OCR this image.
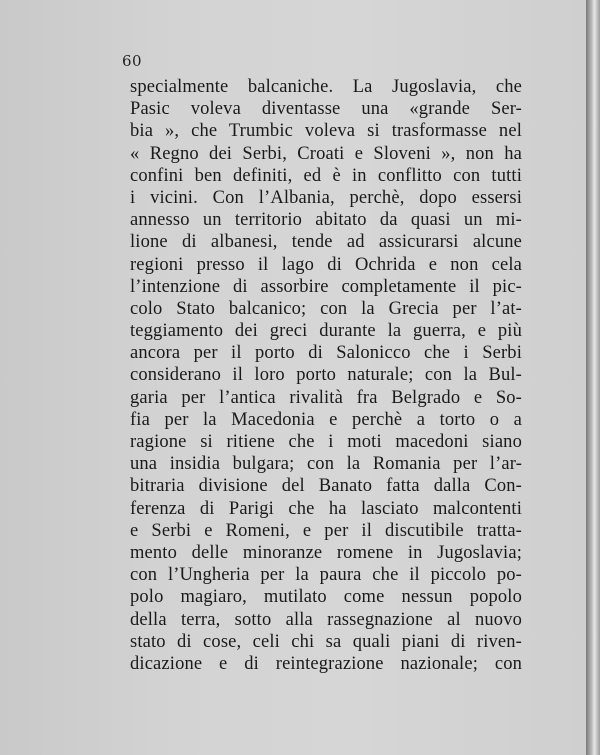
60
specialmente balcaniche. La Jugoslavia, che
Pasic voleva diventasse una «grande Ser-
bia », che Trumbic voleva si trasformasse nel
« Regno dei Serbi, Croati e Sloveni », non ha
confini ben definiti, ed è in conflitto con tutti
i vicini. Con l’Albania, perchè, dopo essersi
annesso un territorio abitato da quasi un mi-
lione di albanesi, tende ad assicurarsi alcune
regioni presso il lago di Ochrida e non cela
l’intenzione di assorbire completamente il pic-
colo Stato balcanico; con la Grecia per l’at-
teggiamento dei greci durante la guerra, e più
ancora per il porto di Salonicco che i Serbi
considerano il loro porto naturale; con la Bul-
garia per l’antica rivalità fra Belgrado e So-
fia per la Macedonia e perchè a torto o a
ragione si ritiene che i moti macedoni siano
una insidia bulgara; con la Romania per l’ar-
bitraria divisione del Banato fatta dalla Con-
ferenza di Parigi che ha lasciato malcontenti
e Serbi e Romeni, e per il discutibile tratta-
mento delle minoranze romene in Jugoslavia;
con l’Ungheria per la paura che il piccolo po-
polo magiaro, mutilato come nessun popolo
della terra, sotto alla rassegnazione al nuovo
stato di cose, celi chi sa quali piani di riven-
dicazione e di reintegrazione nazionale; con
